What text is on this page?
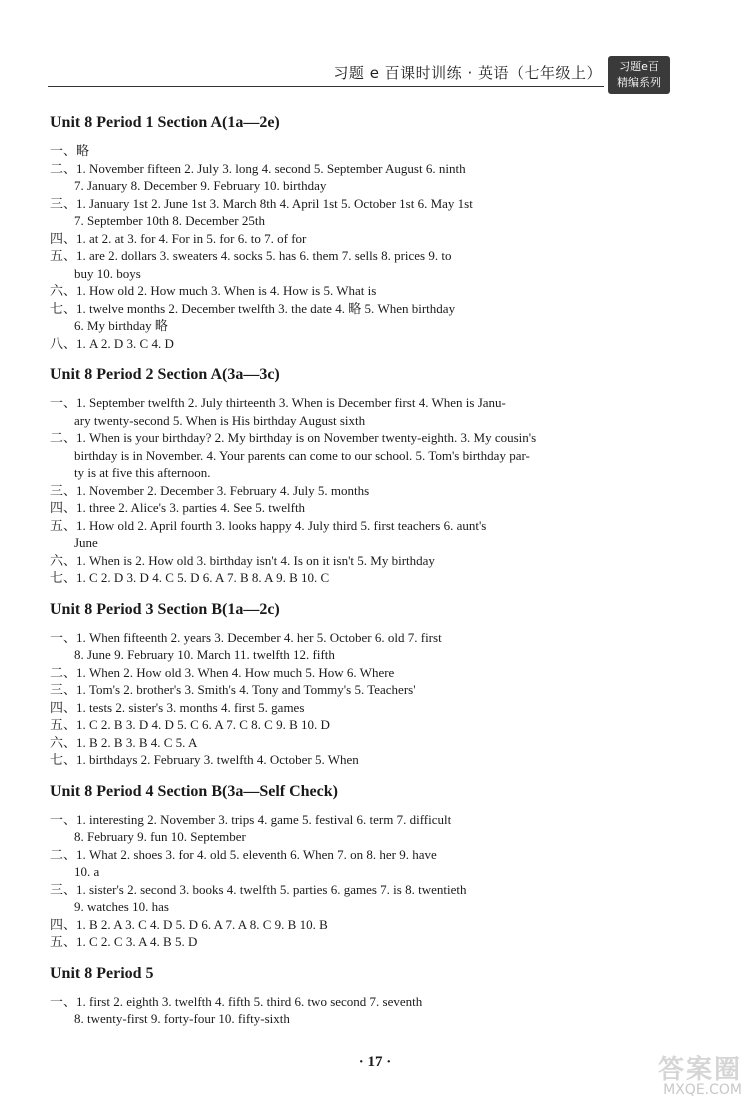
习题 e 百课时训练 · 英语（七年级上）	习题e百
精编系列
Unit 8 Period 1 Section A(1a—2e)
一、略
二、1. November fifteen 2. July 3. long 4. second 5. September August 6. ninth
7. January 8. December 9. February 10. birthday
三、1. January 1st 2. June 1st 3. March 8th 4. April 1st 5. October 1st 6. May 1st
7. September 10th 8. December 25th
四、1. at 2. at 3. for 4. For in 5. for 6. to 7. of for
五、1. are 2. dollars 3. sweaters 4. socks 5. has 6. them 7. sells 8. prices 9. to
buy 10. boys
六、1. How old 2. How much 3. When is 4. How is 5. What is
七、1. twelve months 2. December twelfth 3. the date 4. 略 5. When birthday
6. My birthday 略
八、1. A 2. D 3. C 4. D
Unit 8 Period 2 Section A(3a—3c)
一、1. September twelfth 2. July thirteenth 3. When is December first 4. When is Janu-
ary twenty-second 5. When is His birthday August sixth
二、1. When is your birthday? 2. My birthday is on November twenty-eighth. 3. My cousin's
birthday is in November. 4. Your parents can come to our school. 5. Tom's birthday par-
ty is at five this afternoon.
三、1. November 2. December 3. February 4. July 5. months
四、1. three 2. Alice's 3. parties 4. See 5. twelfth
五、1. How old 2. April fourth 3. looks happy 4. July third 5. first teachers 6. aunt's
June
六、1. When is 2. How old 3. birthday isn't 4. Is on it isn't 5. My birthday
七、1. C 2. D 3. D 4. C 5. D 6. A 7. B 8. A 9. B 10. C
Unit 8 Period 3 Section B(1a—2c)
一、1. When fifteenth 2. years 3. December 4. her 5. October 6. old 7. first
8. June 9. February 10. March 11. twelfth 12. fifth
二、1. When 2. How old 3. When 4. How much 5. How 6. Where
三、1. Tom's 2. brother's 3. Smith's 4. Tony and Tommy's 5. Teachers'
四、1. tests 2. sister's 3. months 4. first 5. games
五、1. C 2. B 3. D 4. D 5. C 6. A 7. C 8. C 9. B 10. D
六、1. B 2. B 3. B 4. C 5. A
七、1. birthdays 2. February 3. twelfth 4. October 5. When
Unit 8 Period 4 Section B(3a—Self Check)
一、1. interesting 2. November 3. trips 4. game 5. festival 6. term 7. difficult
8. February 9. fun 10. September
二、1. What 2. shoes 3. for 4. old 5. eleventh 6. When 7. on 8. her 9. have
10. a
三、1. sister's 2. second 3. books 4. twelfth 5. parties 6. games 7. is 8. twentieth
9. watches 10. has
四、1. B 2. A 3. C 4. D 5. D 6. A 7. A 8. C 9. B 10. B
五、1. C 2. C 3. A 4. B 5. D
Unit 8 Period 5
一、1. first 2. eighth 3. twelfth 4. fifth 5. third 6. two second 7. seventh
8. twenty-first 9. forty-four 10. fifty-sixth
· 17 ·	答案圈
MXQE.COM
